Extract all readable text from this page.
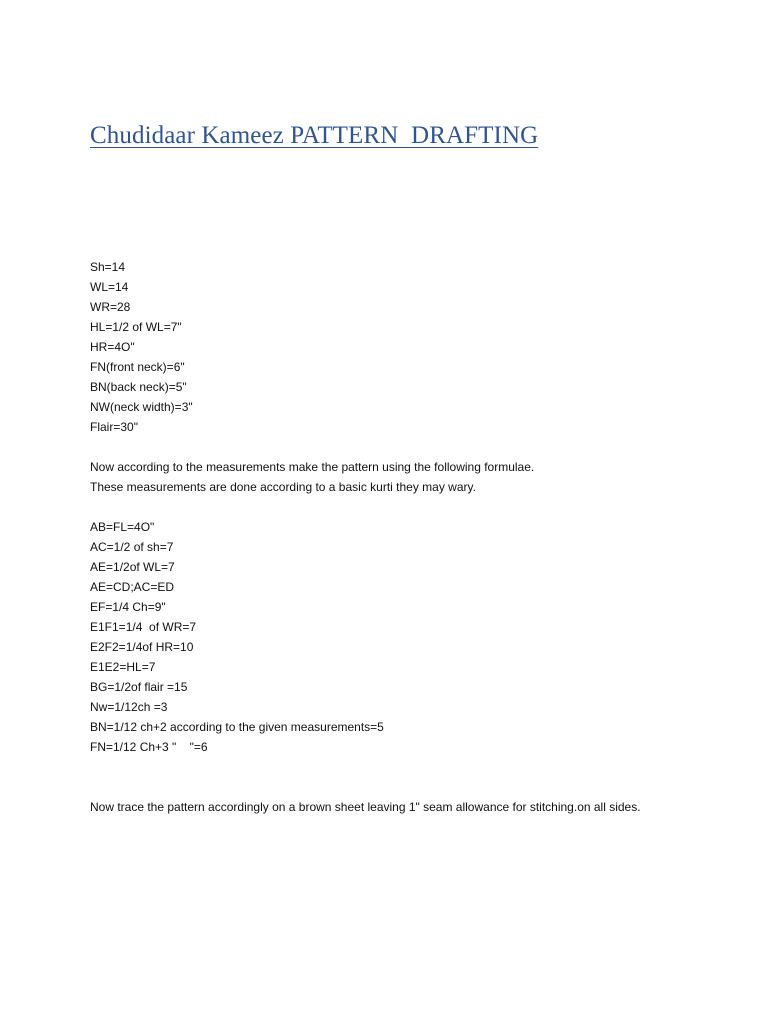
Chudidaar Kameez PATTERN  DRAFTING
Sh=14
WL=14
WR=28
HL=1/2 of WL=7"
HR=4O"
FN(front neck)=6"
BN(back neck)=5"
NW(neck width)=3"
Flair=30"
Now according to the measurements make the pattern using the following formulae.
These measurements are done according to a basic kurti they may wary.
AB=FL=4O"
AC=1/2 of sh=7
AE=1/2of WL=7
AE=CD;AC=ED
EF=1/4 Ch=9"
E1F1=1/4  of WR=7
E2F2=1/4of HR=10
E1E2=HL=7
BG=1/2of flair =15
Nw=1/12ch =3
BN=1/12 ch+2 according to the given measurements=5
FN=1/12 Ch+3 "    "=6
Now trace the pattern accordingly on a brown sheet leaving 1" seam allowance for stitching.on all sides.
